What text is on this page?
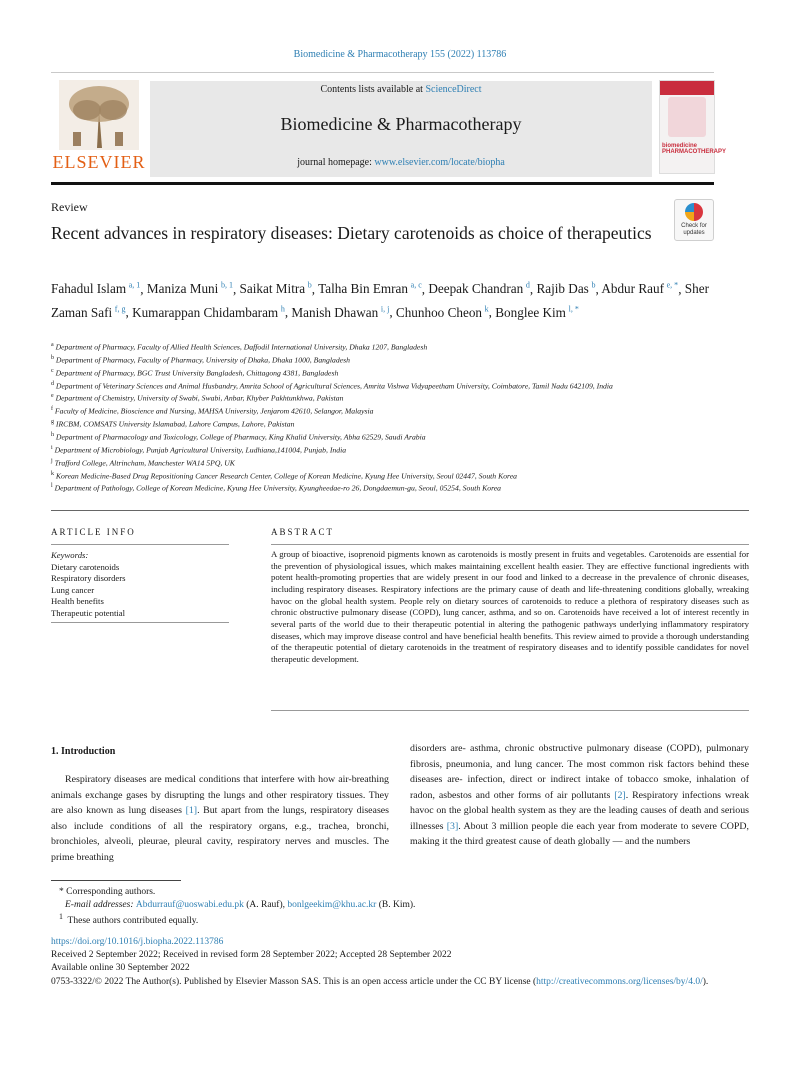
Biomedicine & Pharmacotherapy 155 (2022) 113786
ELSEVIER
Contents lists available at ScienceDirect
Biomedicine & Pharmacotherapy
journal homepage: www.elsevier.com/locate/biopha
biomedicine
PHARMACOTHERAPY
Review
Check for updates
Recent advances in respiratory diseases: Dietary carotenoids as choice of therapeutics
Fahadul Islam  $^{a, 1}$, Maniza Muni  $^{b, 1}$, Saikat Mitra  $^b$, Talha Bin Emran  $^{a, c}$, Deepak Chandran  $^d$, Rajib Das  $^b$, Abdur Rauf  $^{e, *}$, Sher Zaman Safi  $^{f, g}$, Kumarappan Chidambaram  $^h$, Manish Dhawan  $^{i, j}$, Chunhoo Cheon  $^k$, Bonglee Kim  $^{l, *}$
$^a$ Department of Pharmacy, Faculty of Allied Health Sciences, Daffodil International University, Dhaka 1207, Bangladesh
$^b$ Department of Pharmacy, Faculty of Pharmacy, University of Dhaka, Dhaka 1000, Bangladesh
$^c$ Department of Pharmacy, BGC Trust University Bangladesh, Chittagong 4381, Bangladesh
$^d$ Department of Veterinary Sciences and Animal Husbandry, Amrita School of Agricultural Sciences, Amrita Vishwa Vidyapeetham University, Coimbatore, Tamil Nadu 642109, India
$^e$ Department of Chemistry, University of Swabi, Swabi, Anbar, Khyber Pakhtunkhwa, Pakistan
$^f$ Faculty of Medicine, Bioscience and Nursing, MAHSA University, Jenjarom 42610, Selangor, Malaysia
$^g$ IRCBM, COMSATS University Islamabad, Lahore Campus, Lahore, Pakistan
$^h$ Department of Pharmacology and Toxicology, College of Pharmacy, King Khalid University, Abha 62529, Saudi Arabia
$^i$ Department of Microbiology, Punjab Agricultural University, Ludhiana,141004, Punjab, India
$^j$ Trafford College, Altrincham, Manchester WA14 5PQ, UK
$^k$ Korean Medicine-Based Drug Repositioning Cancer Research Center, College of Korean Medicine, Kyung Hee University, Seoul 02447, South Korea
$^l$ Department of Pathology, College of Korean Medicine, Kyung Hee University, Kyungheedae-ro 26, Dongdaemun-gu, Seoul, 05254, South Korea
ARTICLE INFO	ABSTRACT
Keywords:
Dietary carotenoids
Respiratory disorders
Lung cancer
Health benefits
Therapeutic potential
A group of bioactive, isoprenoid pigments known as carotenoids is mostly present in fruits and vegetables. Carotenoids are essential for the prevention of physiological issues, which makes maintaining excellent health easier. They are effective functional ingredients with potent health-promoting properties that are widely present in our food and linked to a decrease in the prevalence of chronic diseases, including respiratory diseases. Respiratory infections are the primary cause of death and life-threatening conditions globally, wreaking havoc on the global health system. People rely on dietary sources of carotenoids to reduce a plethora of respiratory diseases such as chronic obstructive pulmonary disease (COPD), lung cancer, asthma, and so on. Carotenoids have received a lot of interest recently in several parts of the world due to their therapeutic potential in altering the pathogenic pathways underlying inflammatory respiratory diseases, which may improve disease control and have beneficial health benefits. This review aimed to provide a thorough understanding of the therapeutic potential of dietary carotenoids in the treatment of respiratory diseases and to identify possible candidates for novel therapeutic development.
1. Introduction
Respiratory diseases are medical conditions that interfere with how air-breathing animals exchange gases by disrupting the lungs and other respiratory tissues. They are also known as lung diseases [1]. But apart from the lungs, respiratory diseases also include conditions of all the respiratory organs, e.g., trachea, bronchi, bronchioles, alveoli, pleurae, pleural cavity, respiratory nerves and muscles. The prime breathing
disorders are- asthma, chronic obstructive pulmonary disease (COPD), pulmonary fibrosis, pneumonia, and lung cancer. The most common risk factors behind these diseases are- infection, direct or indirect intake of tobacco smoke, inhalation of radon, asbestos and other forms of air pollutants [2]. Respiratory infections wreak havoc on the global health system as they are the leading causes of death and serious illnesses [3]. About 3 million people die each year from moderate to severe COPD, making it the third greatest cause of death globally — and the numbers
* Corresponding authors.
E-mail addresses: Abdurrauf@uoswabi.edu.pk (A. Rauf), bonlgeekim@khu.ac.kr (B. Kim).
$^1$ These authors contributed equally.
https://doi.org/10.1016/j.biopha.2022.113786
Received 2 September 2022; Received in revised form 28 September 2022; Accepted 28 September 2022
Available online 30 September 2022
0753-3322/© 2022 The Author(s). Published by Elsevier Masson SAS. This is an open access article under the CC BY license (http://creativecommons.org/licenses/by/4.0/).
